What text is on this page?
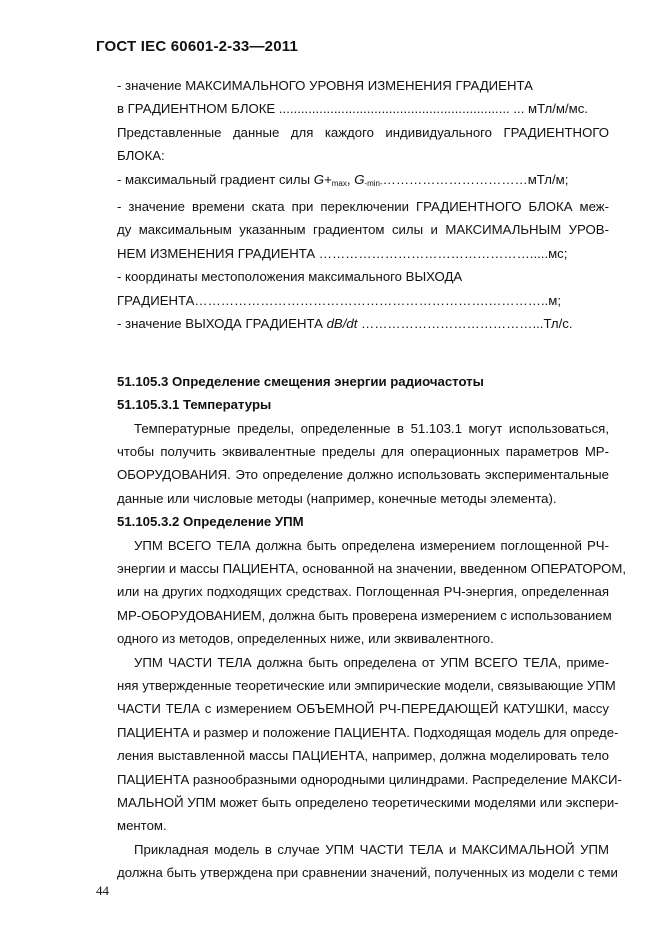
ГОСТ IEC 60601-2-33—2011
- значение МАКСИМАЛЬНОГО УРОВНЯ ИЗМЕНЕНИЯ ГРАДИЕНТА
в ГРАДИЕНТНОМ БЛОКЕ ............................................................... ... мТл/м/мс.
Представленные данные для каждого индивидуального ГРАДИЕНТНОГО
БЛОКА:
- максимальный градиент силы $G+_{max}$, $G_{-min-}\dots\dots\dots\dots\dots\dots\dots\dots\dots\dots\dots мТл/м$;
- значение времени ската при переключении ГРАДИЕНТНОГО БЛОКА меж-
ду максимальным указанным градиентом силы и МАКСИМАЛЬНЫМ УРОВ-
НЕМ ИЗМЕНЕНИЯ ГРАДИЕНТА ………………………………………….....мс;
- координаты местоположения максимального ВЫХОДА
ГРАДИЕНТА………………………………………………………….…………..м;
- значение ВЫХОДА ГРАДИЕНТА dB/dt …………………………………...Тл/с.
51.105.3 Определение смещения энергии радиочастоты
51.105.3.1 Температуры
Температурные пределы, определенные в 51.103.1 могут использоваться,
чтобы получить эквивалентные пределы для операционных параметров МР-
ОБОРУДОВАНИЯ. Это определение должно использовать экспериментальные
данные или числовые методы (например, конечные методы элемента).
51.105.3.2 Определение УПМ
УПМ ВСЕГО ТЕЛА должна быть определена измерением поглощенной РЧ-
энергии и массы ПАЦИЕНТА, основанной на значении, введенном ОПЕРАТОРОМ,
или на других подходящих средствах. Поглощенная РЧ-энергия, определенная
МР-ОБОРУДОВАНИЕМ, должна быть проверена измерением с использованием
одного из методов, определенных ниже, или эквивалентного.
УПМ ЧАСТИ ТЕЛА должна быть определена от УПМ ВСЕГО ТЕЛА, приме-
няя утвержденные теоретические или эмпирические модели, связывающие УПМ
ЧАСТИ ТЕЛА с измерением ОБЪЕМНОЙ РЧ-ПЕРЕДАЮЩЕЙ КАТУШКИ, массу
ПАЦИЕНТА и размер и положение ПАЦИЕНТА. Подходящая модель для опреде-
ления выставленной массы ПАЦИЕНТА, например, должна моделировать тело
ПАЦИЕНТА разнообразными однородными цилиндрами. Распределение МАКСИ-
МАЛЬНОЙ УПМ может быть определено теоретическими моделями или экспери-
ментом.
Прикладная модель в случае УПМ ЧАСТИ ТЕЛА и МАКСИМАЛЬНОЙ УПМ
должна быть утверждена при сравнении значений, полученных из модели с теми
44
